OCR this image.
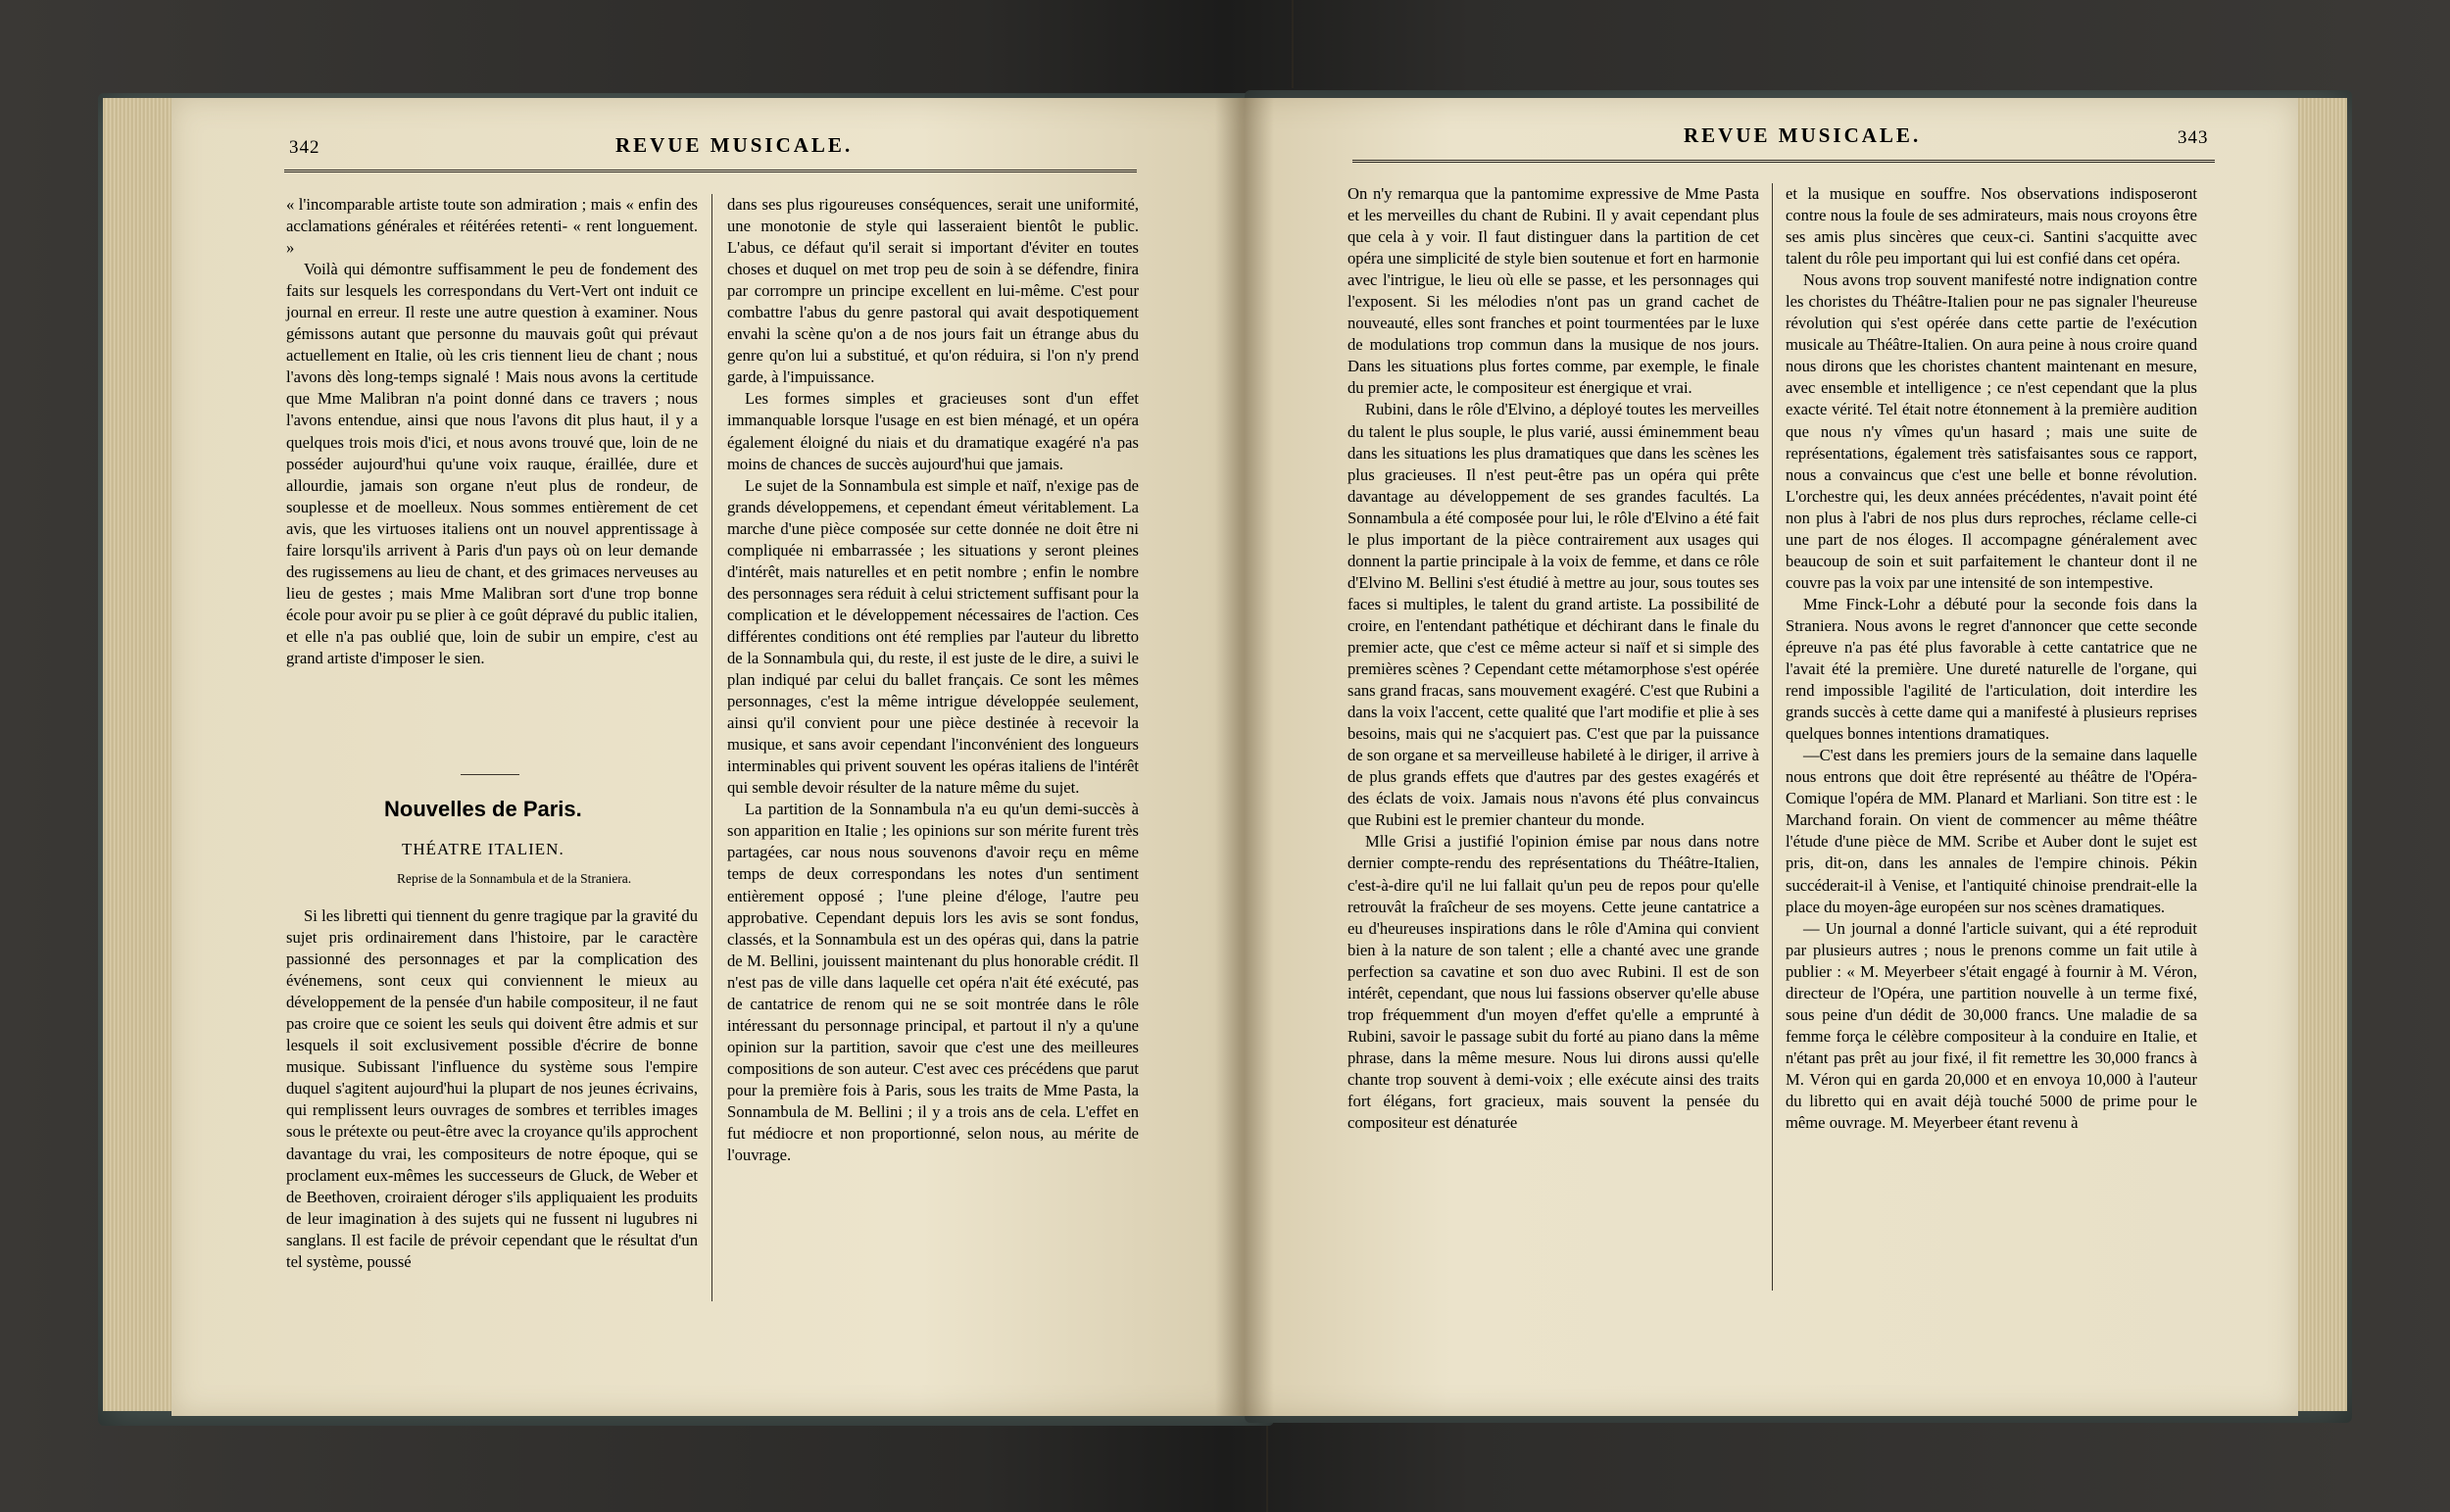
342	REVUE MUSICALE.

« l'incomparable artiste toute son admiration ; mais « enfin des acclamations générales et réitérées retenti- « rent longuement. »

Voilà qui démontre suffisamment le peu de fondement des faits sur lesquels les correspondans du Vert-Vert ont induit ce journal en erreur. Il reste une autre question à examiner. Nous gémissons autant que personne du mauvais goût qui prévaut actuellement en Italie, où les cris tiennent lieu de chant ; nous l'avons dès long-temps signalé ! Mais nous avons la certitude que Mme Malibran n'a point donné dans ce travers ; nous l'avons entendue, ainsi que nous l'avons dit plus haut, il y a quelques trois mois d'ici, et nous avons trouvé que, loin de ne posséder aujourd'hui qu'une voix rauque, éraillée, dure et allourdie, jamais son organe n'eut plus de rondeur, de souplesse et de moelleux. Nous sommes entièrement de cet avis, que les virtuoses italiens ont un nouvel apprentissage à faire lorsqu'ils arrivent à Paris d'un pays où on leur demande des rugissemens au lieu de chant, et des grimaces nerveuses au lieu de gestes ; mais Mme Malibran sort d'une trop bonne école pour avoir pu se plier à ce goût dépravé du public italien, et elle n'a pas oublié que, loin de subir un empire, c'est au grand artiste d'imposer le sien.

Nouvelles de Paris.
THÉATRE ITALIEN.
Reprise de la Sonnambula et de la Straniera.

Si les libretti qui tiennent du genre tragique par la gravité du sujet pris ordinairement dans l'histoire, par le caractère passionné des personnages et par la complication des événemens, sont ceux qui conviennent le mieux au développement de la pensée d'un habile compositeur, il ne faut pas croire que ce soient les seuls qui doivent être admis et sur lesquels il soit exclusivement possible d'écrire de bonne musique. Subissant l'influence du système sous l'empire duquel s'agitent aujourd'hui la plupart de nos jeunes écrivains, qui remplissent leurs ouvrages de sombres et terribles images sous le prétexte ou peut-être avec la croyance qu'ils approchent davantage du vrai, les compositeurs de notre époque, qui se proclament eux-mêmes les successeurs de Gluck, de Weber et de Beethoven, croiraient déroger s'ils appliquaient les produits de leur imagination à des sujets qui ne fussent ni lugubres ni sanglans. Il est facile de prévoir cependant que le résultat d'un tel système, poussé

dans ses plus rigoureuses conséquences, serait une uniformité, une monotonie de style qui lasseraient bientôt le public. L'abus, ce défaut qu'il serait si important d'éviter en toutes choses et duquel on met trop peu de soin à se défendre, finira par corrompre un principe excellent en lui-même. C'est pour combattre l'abus du genre pastoral qui avait despotiquement envahi la scène qu'on a de nos jours fait un étrange abus du genre qu'on lui a substitué, et qu'on réduira, si l'on n'y prend garde, à l'impuissance.

Les formes simples et gracieuses sont d'un effet immanquable lorsque l'usage en est bien ménagé, et un opéra également éloigné du niais et du dramatique exagéré n'a pas moins de chances de succès aujourd'hui que jamais.

Le sujet de la Sonnambula est simple et naïf, n'exige pas de grands développemens, et cependant émeut véritablement. La marche d'une pièce composée sur cette donnée ne doit être ni compliquée ni embarrassée ; les situations y seront pleines d'intérêt, mais naturelles et en petit nombre ; enfin le nombre des personnages sera réduit à celui strictement suffisant pour la complication et le développement nécessaires de l'action. Ces différentes conditions ont été remplies par l'auteur du libretto de la Sonnambula qui, du reste, il est juste de le dire, a suivi le plan indiqué par celui du ballet français. Ce sont les mêmes personnages, c'est la même intrigue développée seulement, ainsi qu'il convient pour une pièce destinée à recevoir la musique, et sans avoir cependant l'inconvénient des longueurs interminables qui privent souvent les opéras italiens de l'intérêt qui semble devoir résulter de la nature même du sujet.

La partition de la Sonnambula n'a eu qu'un demi-succès à son apparition en Italie ; les opinions sur son mérite furent très partagées, car nous nous souvenons d'avoir reçu en même temps de deux correspondans les notes d'un sentiment entièrement opposé ; l'une pleine d'éloge, l'autre peu approbative. Cependant depuis lors les avis se sont fondus, classés, et la Sonnambula est un des opéras qui, dans la patrie de M. Bellini, jouissent maintenant du plus honorable crédit. Il n'est pas de ville dans laquelle cet opéra n'ait été exécuté, pas de cantatrice de renom qui ne se soit montrée dans le rôle intéressant du personnage principal, et partout il n'y a qu'une opinion sur la partition, savoir que c'est une des meilleures compositions de son auteur. C'est avec ces précédens que parut pour la première fois à Paris, sous les traits de Mme Pasta, la Sonnambula de M. Bellini ; il y a trois ans de cela. L'effet en fut médiocre et non proportionné, selon nous, au mérite de l'ouvrage.

REVUE MUSICALE.	343

On n'y remarqua que la pantomime expressive de Mme Pasta et les merveilles du chant de Rubini. Il y avait cependant plus que cela à y voir. Il faut distinguer dans la partition de cet opéra une simplicité de style bien soutenue et fort en harmonie avec l'intrigue, le lieu où elle se passe, et les personnages qui l'exposent. Si les mélodies n'ont pas un grand cachet de nouveauté, elles sont franches et point tourmentées par le luxe de modulations trop commun dans la musique de nos jours. Dans les situations plus fortes comme, par exemple, le finale du premier acte, le compositeur est énergique et vrai.

Rubini, dans le rôle d'Elvino, a déployé toutes les merveilles du talent le plus souple, le plus varié, aussi éminemment beau dans les situations les plus dramatiques que dans les scènes les plus gracieuses. Il n'est peut-être pas un opéra qui prête davantage au développement de ses grandes facultés. La Sonnambula a été composée pour lui, le rôle d'Elvino a été fait le plus important de la pièce contrairement aux usages qui donnent la partie principale à la voix de femme, et dans ce rôle d'Elvino M. Bellini s'est étudié à mettre au jour, sous toutes ses faces si multiples, le talent du grand artiste. La possibilité de croire, en l'entendant pathétique et déchirant dans le finale du premier acte, que c'est ce même acteur si naïf et si simple des premières scènes ? Cependant cette métamorphose s'est opérée sans grand fracas, sans mouvement exagéré. C'est que Rubini a dans la voix l'accent, cette qualité que l'art modifie et plie à ses besoins, mais qui ne s'acquiert pas. C'est que par la puissance de son organe et sa merveilleuse habileté à le diriger, il arrive à de plus grands effets que d'autres par des gestes exagérés et des éclats de voix. Jamais nous n'avons été plus convaincus que Rubini est le premier chanteur du monde.

Mlle Grisi a justifié l'opinion émise par nous dans notre dernier compte-rendu des représentations du Théâtre-Italien, c'est-à-dire qu'il ne lui fallait qu'un peu de repos pour qu'elle retrouvât la fraîcheur de ses moyens. Cette jeune cantatrice a eu d'heureuses inspirations dans le rôle d'Amina qui convient bien à la nature de son talent ; elle a chanté avec une grande perfection sa cavatine et son duo avec Rubini. Il est de son intérêt, cependant, que nous lui fassions observer qu'elle abuse trop fréquemment d'un moyen d'effet qu'elle a emprunté à Rubini, savoir le passage subit du forté au piano dans la même phrase, dans la même mesure. Nous lui dirons aussi qu'elle chante trop souvent à demi-voix ; elle exécute ainsi des traits fort élégans, fort gracieux, mais souvent la pensée du compositeur est dénaturée

et la musique en souffre. Nos observations indisposeront contre nous la foule de ses admirateurs, mais nous croyons être ses amis plus sincères que ceux-ci. Santini s'acquitte avec talent du rôle peu important qui lui est confié dans cet opéra.

Nous avons trop souvent manifesté notre indignation contre les choristes du Théâtre-Italien pour ne pas signaler l'heureuse révolution qui s'est opérée dans cette partie de l'exécution musicale au Théâtre-Italien. On aura peine à nous croire quand nous dirons que les choristes chantent maintenant en mesure, avec ensemble et intelligence ; ce n'est cependant que la plus exacte vérité. Tel était notre étonnement à la première audition que nous n'y vîmes qu'un hasard ; mais une suite de représentations, également très satisfaisantes sous ce rapport, nous a convaincus que c'est une belle et bonne révolution. L'orchestre qui, les deux années précédentes, n'avait point été non plus à l'abri de nos plus durs reproches, réclame celle-ci une part de nos éloges. Il accompagne généralement avec beaucoup de soin et suit parfaitement le chanteur dont il ne couvre pas la voix par une intensité de son intempestive.

Mme Finck-Lohr a débuté pour la seconde fois dans la Straniera. Nous avons le regret d'annoncer que cette seconde épreuve n'a pas été plus favorable à cette cantatrice que ne l'avait été la première. Une dureté naturelle de l'organe, qui rend impossible l'agilité de l'articulation, doit interdire les grands succès à cette dame qui a manifesté à plusieurs reprises quelques bonnes intentions dramatiques.

—C'est dans les premiers jours de la semaine dans laquelle nous entrons que doit être représenté au théâtre de l'Opéra-Comique l'opéra de MM. Planard et Marliani. Son titre est : le Marchand forain. On vient de commencer au même théâtre l'étude d'une pièce de MM. Scribe et Auber dont le sujet est pris, dit-on, dans les annales de l'empire chinois. Pékin succéderait-il à Venise, et l'antiquité chinoise prendrait-elle la place du moyen-âge européen sur nos scènes dramatiques.

— Un journal a donné l'article suivant, qui a été reproduit par plusieurs autres ; nous le prenons comme un fait utile à publier : « M. Meyerbeer s'était engagé à fournir à M. Véron, directeur de l'Opéra, une partition nouvelle à un terme fixé, sous peine d'un dédit de 30,000 francs. Une maladie de sa femme força le célèbre compositeur à la conduire en Italie, et n'étant pas prêt au jour fixé, il fit remettre les 30,000 francs à M. Véron qui en garda 20,000 et en envoya 10,000 à l'auteur du libretto qui en avait déjà touché 5000 de prime pour le même ouvrage. M. Meyerbeer étant revenu à
